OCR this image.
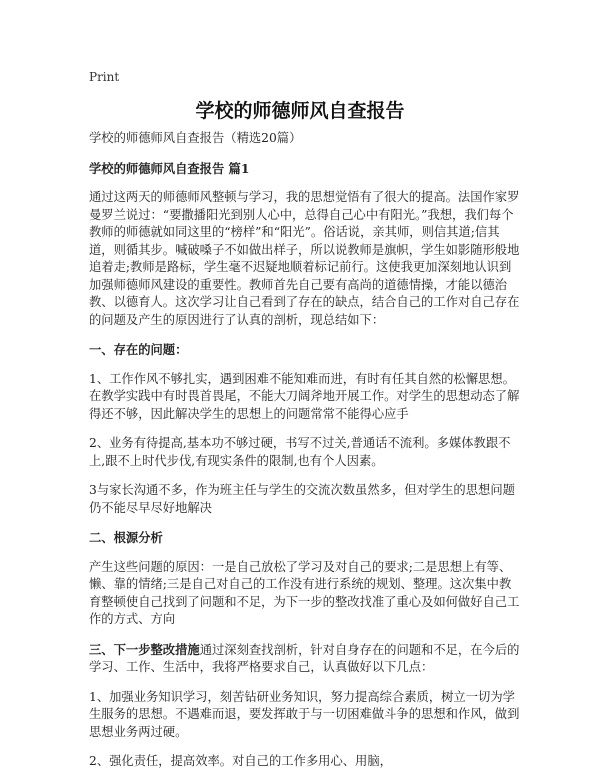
Print
学校的师德师风自查报告

学校的师德师风自查报告（精选20篇）

学校的师德师风自查报告 篇1

通过这两天的师德师风整顿与学习，我的思想觉悟有了很大的提高。法国作家罗曼罗兰说过：“要撒播阳光到别人心中，总得自己心中有阳光。”我想，我们每个教师的师德就如同这里的“榜样”和“阳光”。俗话说，亲其师，则信其道;信其道，则循其步。喊破嗓子不如做出样子，所以说教师是旗帜，学生如影随形般地追着走;教师是路标，学生毫不迟疑地顺着标记前行。这使我更加深刻地认识到加强师德师风建设的重要性。教师首先自己要有高尚的道德情操，才能以德治教、以德育人。这次学习让自己看到了存在的缺点，结合自己的工作对自己存在的问题及产生的原因进行了认真的剖析，现总结如下：

一、存在的问题：

1、工作作风不够扎实，遇到困难不能知难而进，有时有任其自然的松懈思想。在教学实践中有时畏首畏尾，不能大刀阔斧地开展工作。对学生的思想动态了解得还不够，因此解决学生的思想上的问题常常不能得心应手

2、业务有待提高,基本功不够过硬，书写不过关,普通话不流利。多媒体教跟不上,跟不上时代步伐,有现实条件的限制,也有个人因素。

3与家长沟通不多，作为班主任与学生的交流次数虽然多，但对学生的思想问题仍不能尽早尽好地解决

二、根源分析

产生这些问题的原因：一是自己放松了学习及对自己的要求;二是思想上有等、懒、靠的情绪;三是自己对自己的工作没有进行系统的规划、整理。这次集中教育整顿使自己找到了问题和不足，为下一步的整改找准了重心及如何做好自己工作的方式、方向

三、下一步整改措施通过深刻查找剖析，针对自身存在的问题和不足，在今后的学习、工作、生活中，我将严格要求自己，认真做好以下几点：

1、加强业务知识学习，刻苦钻研业务知识，努力提高综合素质，树立一切为学生服务的思想。不遇难而退，要发挥敢于与一切困难做斗争的思想和作风，做到思想业务两过硬。

2、强化责任，提高效率。对自己的工作多用心、用脑，
